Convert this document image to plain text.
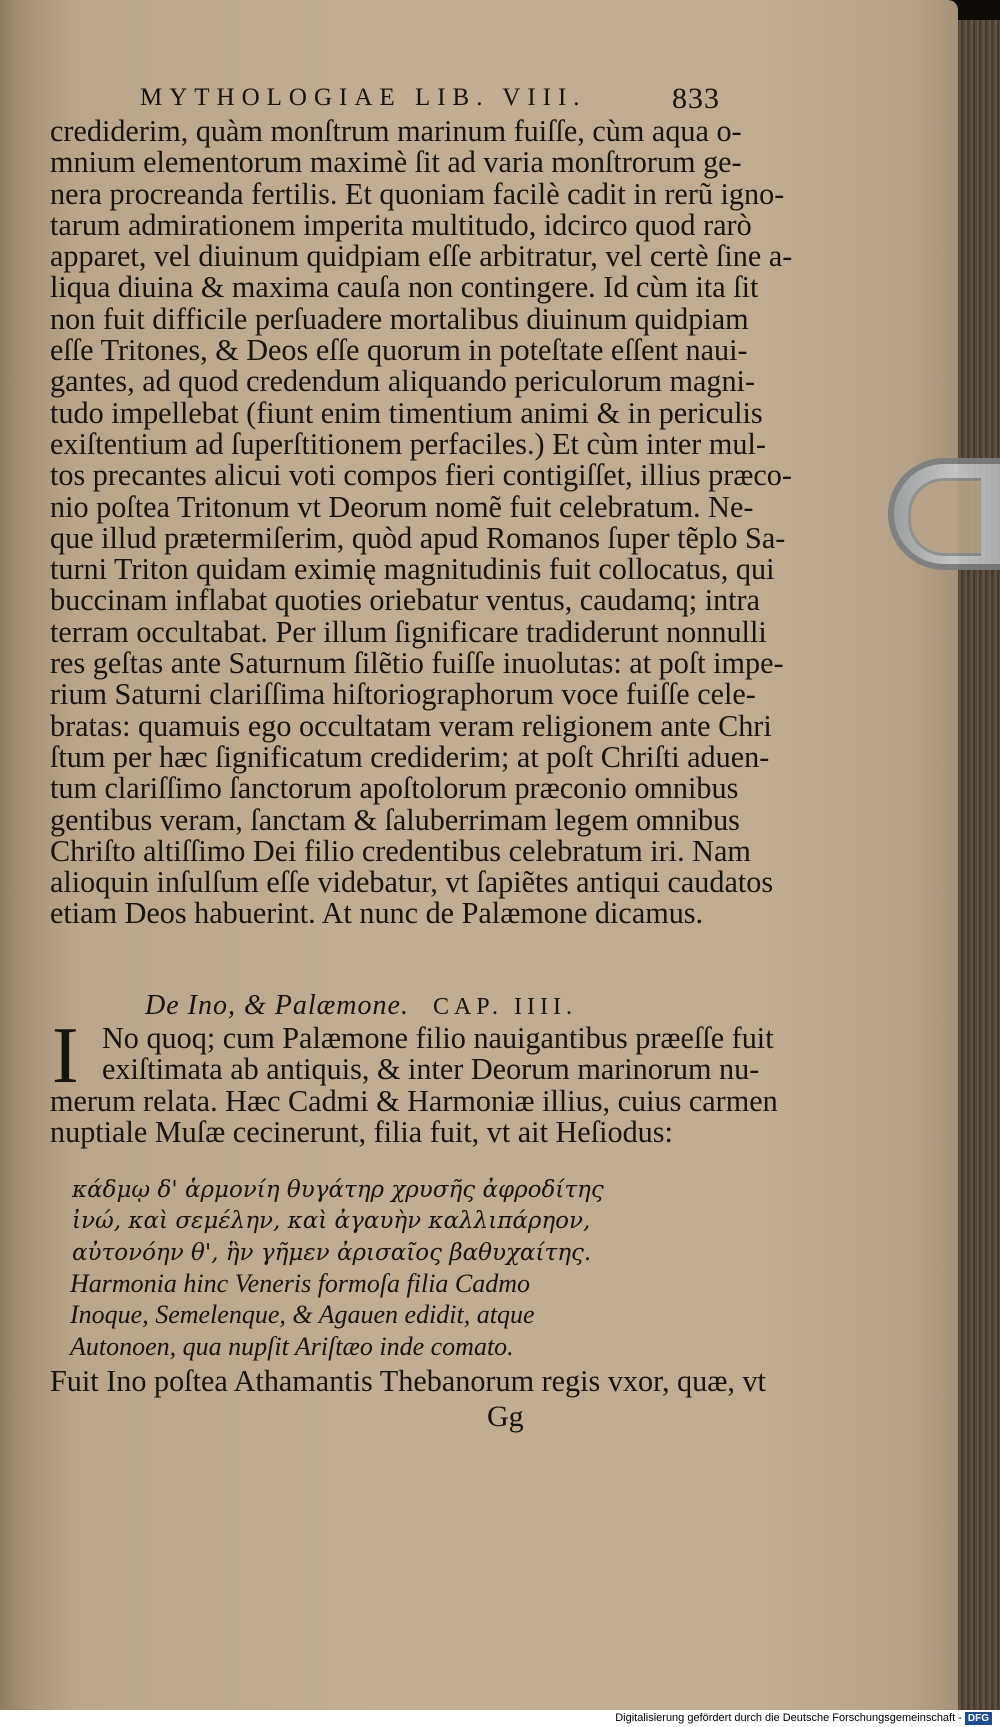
MYTHOLOGIAE LIB. VIII.	833
crediderim, quàm monſtrum marinum fuiſſe, cùm aqua o-
mnium elementorum maximè ſit ad varia monſtrorum ge-
nera procreanda fertilis. Et quoniam facilè cadit in rerũ igno-
tarum admirationem imperita multitudo, idcirco quod rarò
apparet, vel diuinum quidpiam eſſe arbitratur, vel certè ſine a-
liqua diuina & maxima cauſa non contingere. Id cùm ita ſit
non fuit difficile perſuadere mortalibus diuinum quidpiam
eſſe Tritones, & Deos eſſe quorum in poteſtate eſſent naui-
gantes, ad quod credendum aliquando periculorum magni-
tudo impellebat (fiunt enim timentium animi & in periculis
exiſtentium ad ſuperſtitionem perfaciles.) Et cùm inter mul-
tos precantes alicui voti compos fieri contigiſſet, illius præco-
nio poſtea Tritonum vt Deorum nomẽ fuit celebratum. Ne-
que illud prætermiſerim, quòd apud Romanos ſuper tẽplo Sa-
turni Triton quidam eximię magnitudinis fuit collocatus, qui
buccinam inflabat quoties oriebatur ventus, caudamq; intra
terram occultabat. Per illum ſignificare tradiderunt nonnulli
res geſtas ante Saturnum ſilẽtio fuiſſe inuolutas: at poſt impe-
rium Saturni clariſſima hiſtoriographorum voce fuiſſe cele-
bratas: quamuis ego occultatam veram religionem ante Chri
ſtum per hæc ſignificatum crediderim; at poſt Chriſti aduen-
tum clariſſimo ſanctorum apoſtolorum præconio omnibus
gentibus veram, ſanctam & ſaluberrimam legem omnibus
Chriſto altiſſimo Dei filio credentibus celebratum iri. Nam
alioquin inſulſum eſſe videbatur, vt ſapiẽtes antiqui caudatos
etiam Deos habuerint. At nunc de Palæmone dicamus.
De Ino, & Palæmone. CAP. IIII.
I No quoq; cum Palæmone filio nauigantibus præeſſe fuit
exiſtimata ab antiquis, & inter Deorum marinorum nu-
merum relata. Hæc Cadmi & Harmoniæ illius, cuius carmen
nuptiale Muſæ cecinerunt, filia fuit, vt ait Heſiodus:
κάδμῳ δ' ἁρμονίη θυγάτηρ χρυσῆς ἀφροδίτης
ἰνώ, καὶ σεμέλην, καὶ ἀγαυὴν καλλιπάρηον,
αὐτονόην θ', ἣν γῆμεν ἀρισαῖος βαθυχαίτης.
Harmonia hinc Veneris formoſa filia Cadmo
Inoque, Semelenque, & Agauen edidit, atque
Autonoen, qua nupſit Ariſtæo inde comato.
Fuit Ino poſtea Athamantis Thebanorum regis vxor, quæ, vt
Gg
Digitalisierung gefördert durch die Deutsche Forschungsgemeinschaft - DFG
